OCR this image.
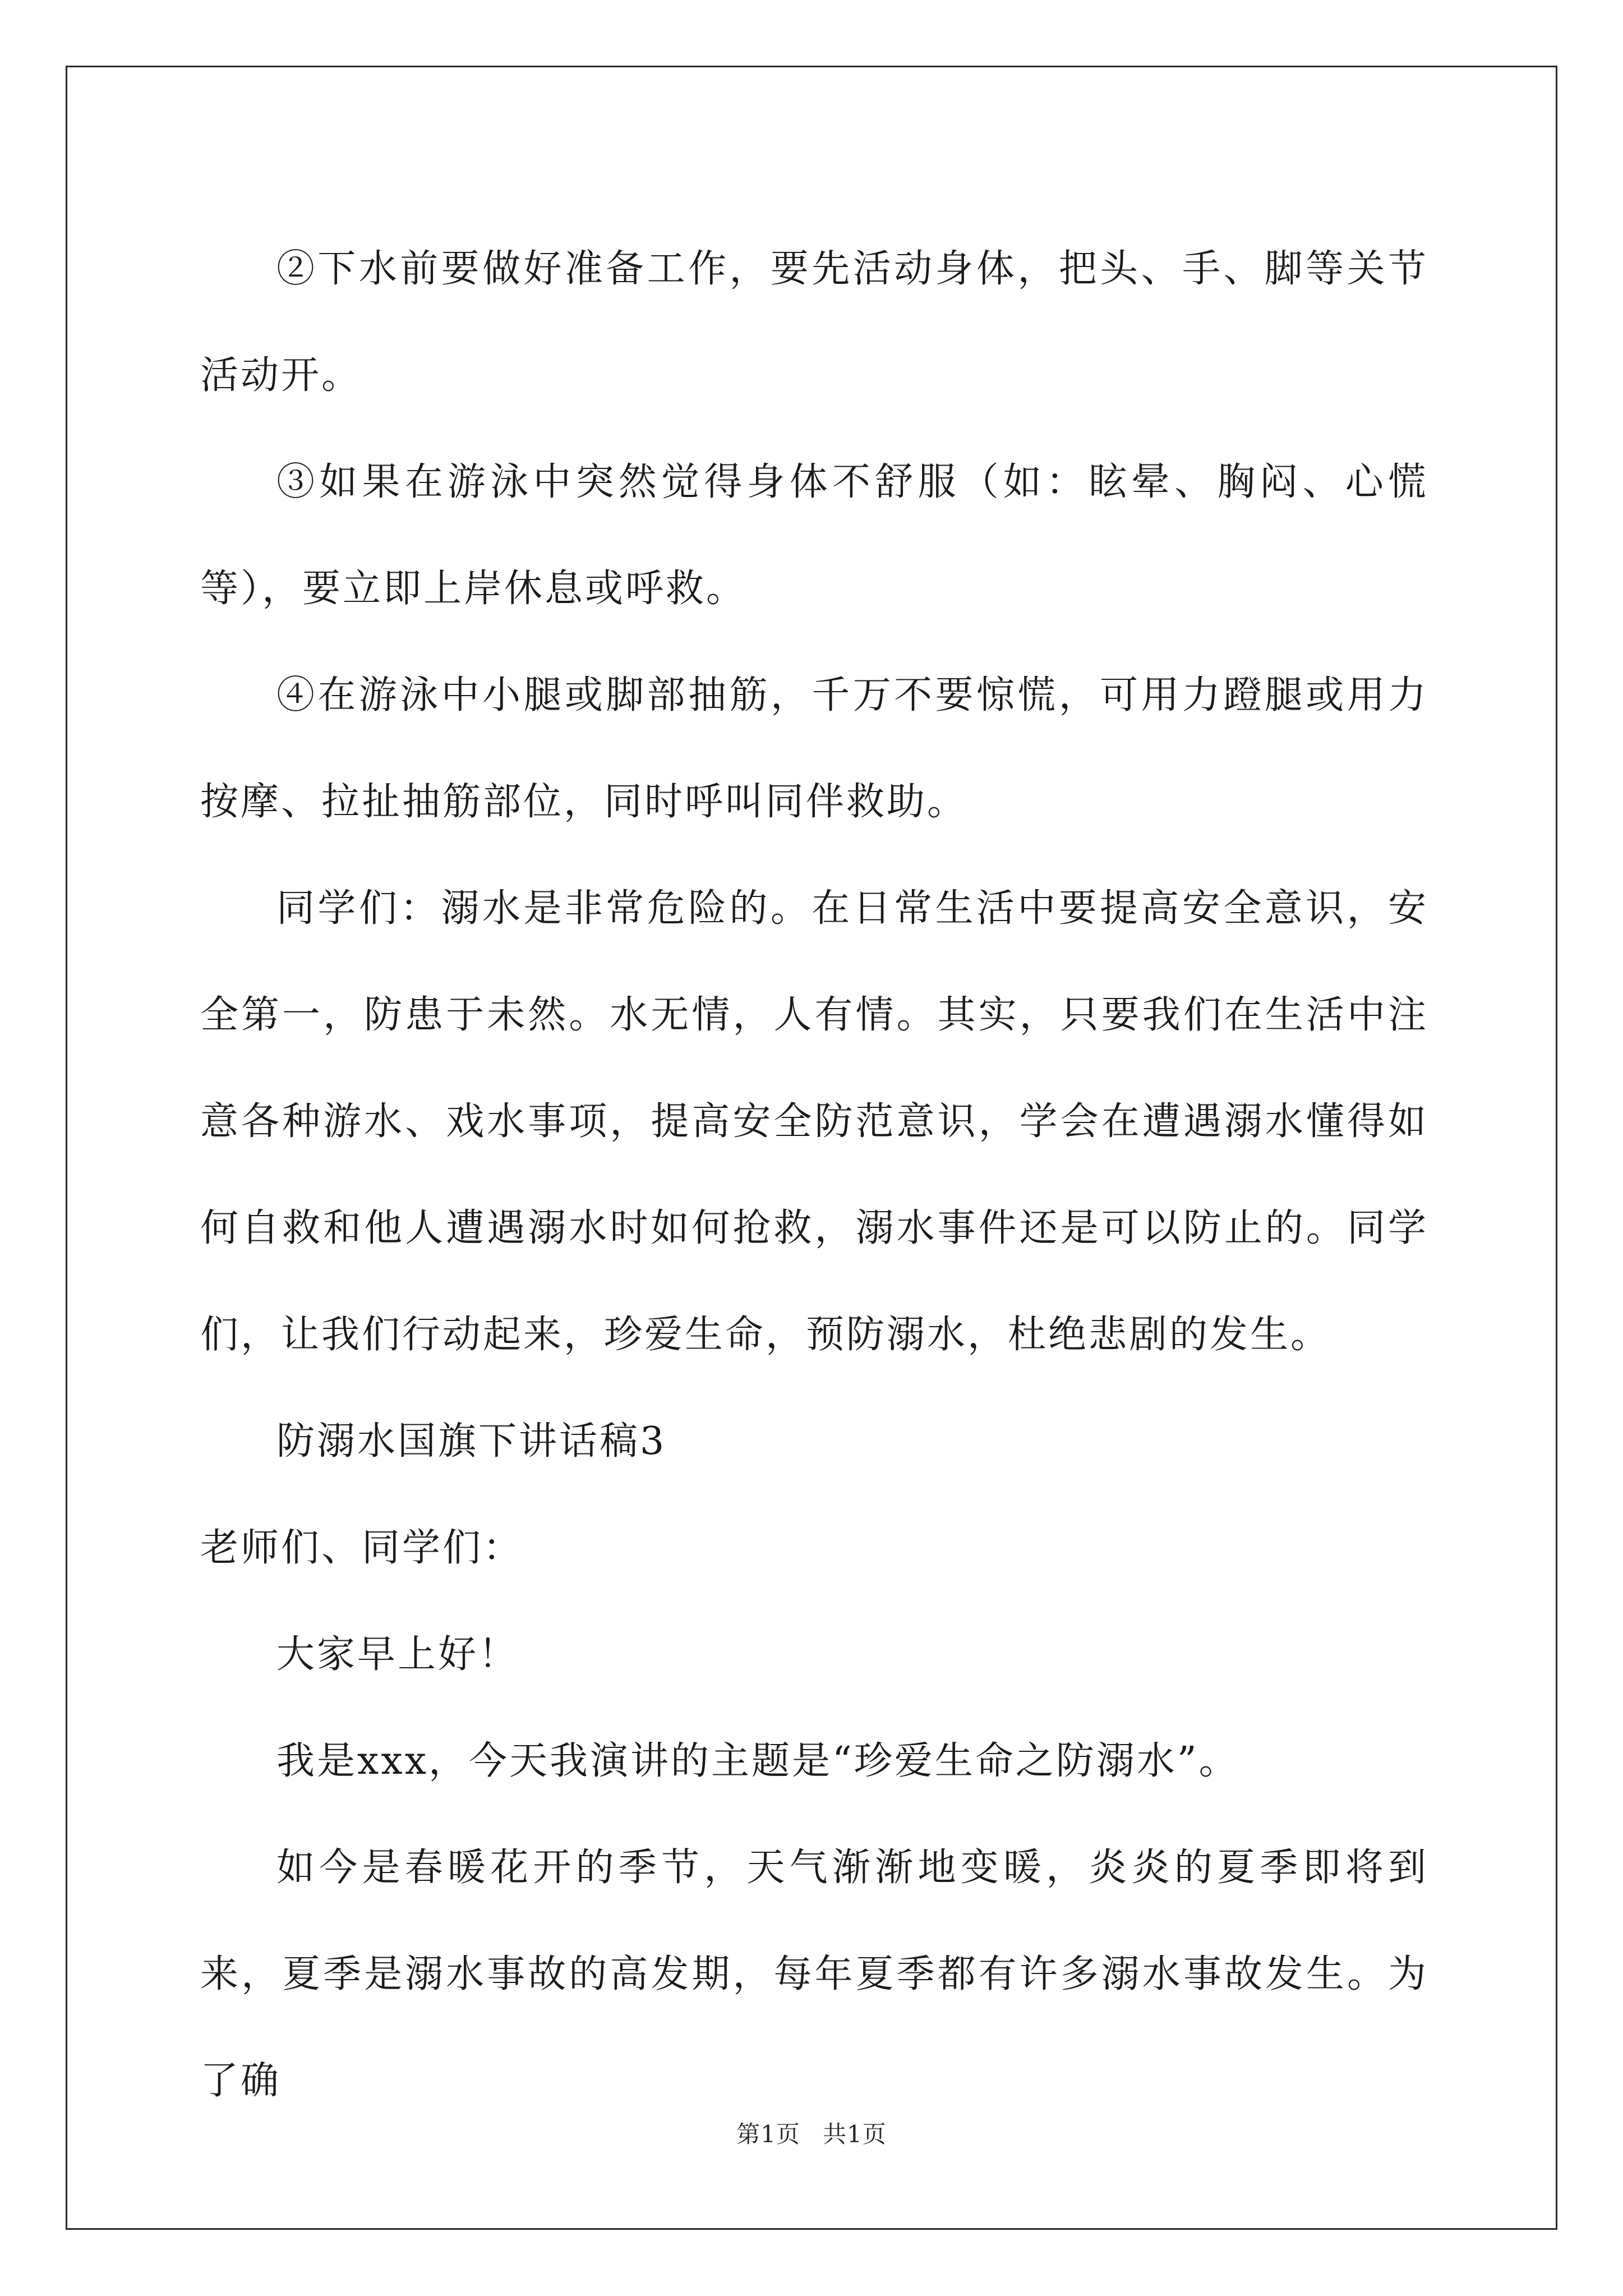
②下水前要做好准备工作，要先活动身体，把头、手、脚等关节活动开。

③如果在游泳中突然觉得身体不舒服（如：眩晕、胸闷、心慌等），要立即上岸休息或呼救。

④在游泳中小腿或脚部抽筋，千万不要惊慌，可用力蹬腿或用力按摩、拉扯抽筋部位，同时呼叫同伴救助。

同学们：溺水是非常危险的。在日常生活中要提高安全意识，安全第一，防患于未然。水无情，人有情。其实，只要我们在生活中注意各种游水、戏水事项，提高安全防范意识，学会在遭遇溺水懂得如何自救和他人遭遇溺水时如何抢救，溺水事件还是可以防止的。同学们，让我们行动起来，珍爱生命，预防溺水，杜绝悲剧的发生。

防溺水国旗下讲话稿3

老师们、同学们：

大家早上好！

我是xxx，今天我演讲的主题是“珍爱生命之防溺水”。

如今是春暖花开的季节，天气渐渐地变暖，炎炎的夏季即将到来，夏季是溺水事故的高发期，每年夏季都有许多溺水事故发生。为了确

第1页 共1页
